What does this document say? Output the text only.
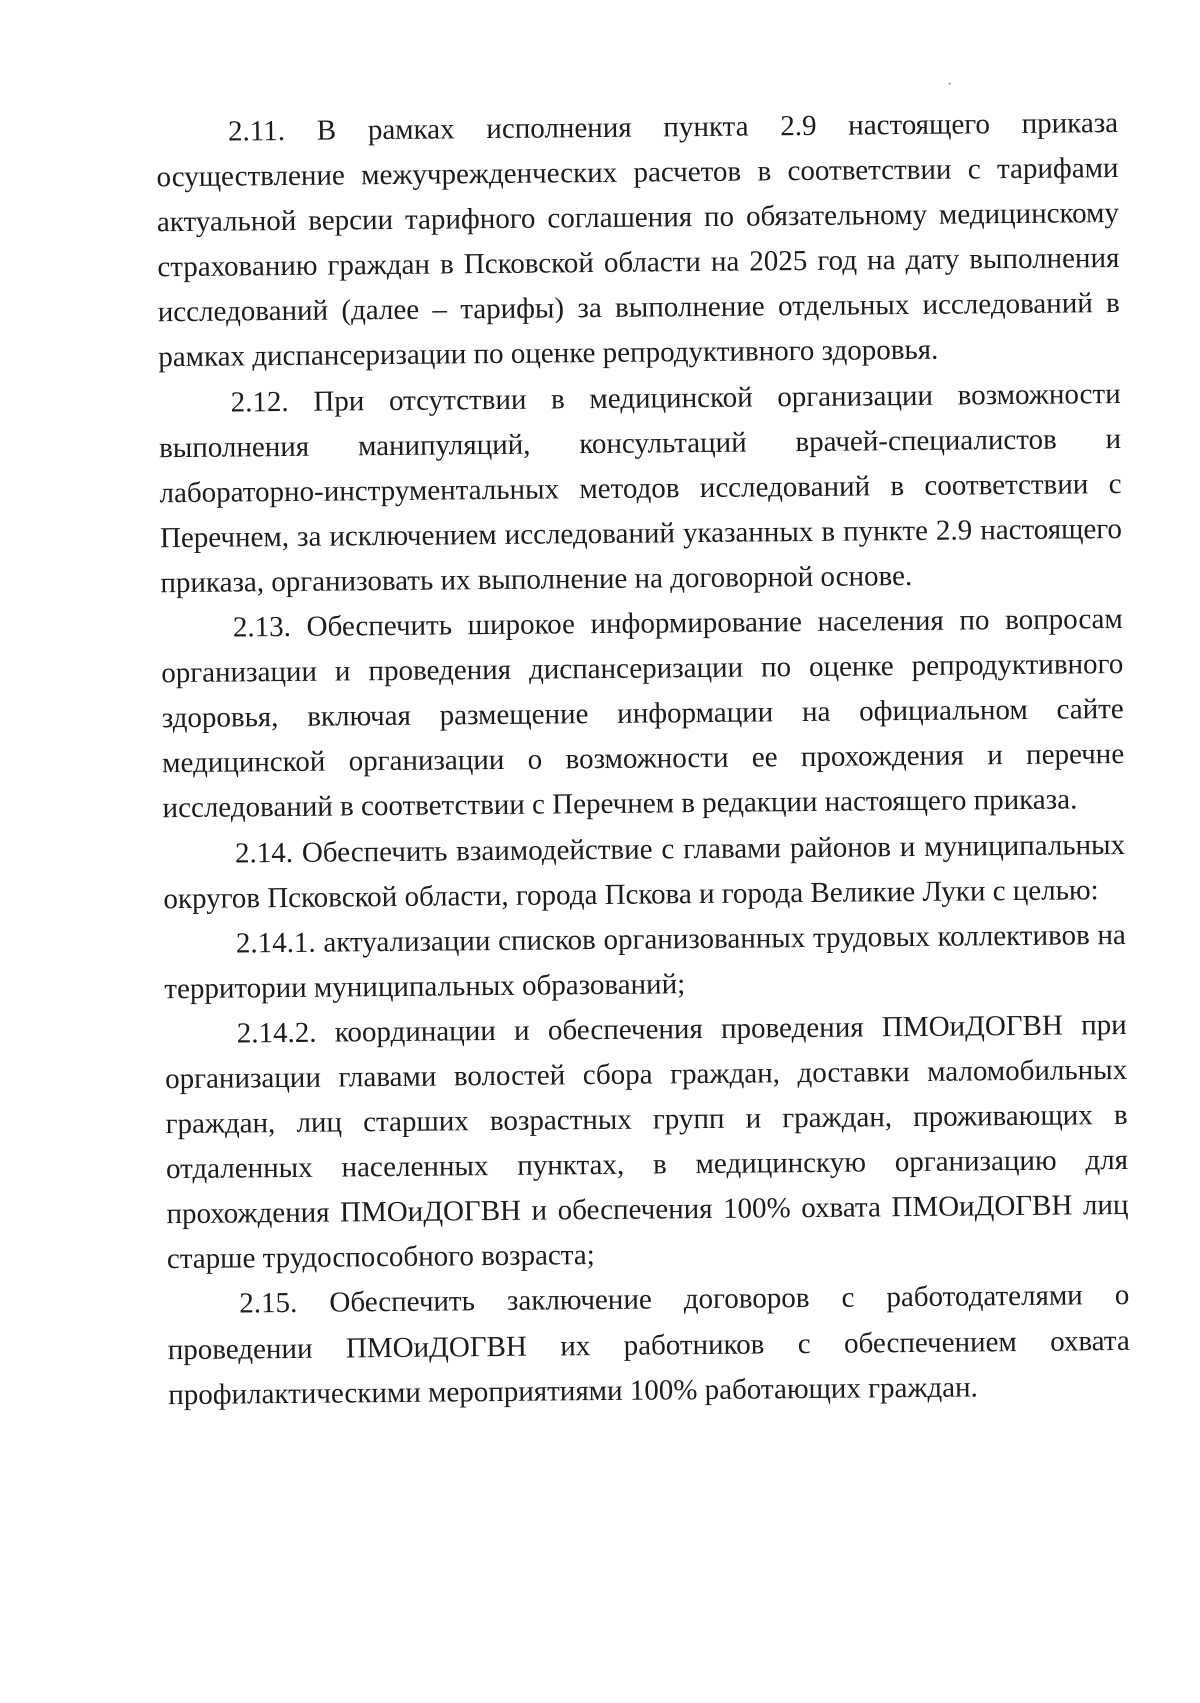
2.11. В рамках исполнения пункта 2.9 настоящего приказа осуществление межучрежденческих расчетов в соответствии с тарифами актуальной версии тарифного соглашения по обязательному медицинскому страхованию граждан в Псковской области на 2025 год на дату выполнения исследований (далее – тарифы) за выполнение отдельных исследований в рамках диспансеризации по оценке репродуктивного здоровья.

2.12. При отсутствии в медицинской организации возможности выполнения манипуляций, консультаций врачей-специалистов и лабораторно-инструментальных методов исследований в соответствии с Перечнем, за исключением исследований указанных в пункте 2.9 настоящего приказа, организовать их выполнение на договорной основе.

2.13. Обеспечить широкое информирование населения по вопросам организации и проведения диспансеризации по оценке репродуктивного здоровья, включая размещение информации на официальном сайте медицинской организации о возможности ее прохождения и перечне исследований в соответствии с Перечнем в редакции настоящего приказа.

2.14. Обеспечить взаимодействие с главами районов и муниципальных округов Псковской области, города Пскова и города Великие Луки с целью:

2.14.1. актуализации списков организованных трудовых коллективов на территории муниципальных образований;

2.14.2. координации и обеспечения проведения ПМОиДОГВН при организации главами волостей сбора граждан, доставки маломобильных граждан, лиц старших возрастных групп и граждан, проживающих в отдаленных населенных пунктах, в медицинскую организацию для прохождения ПМОиДОГВН и обеспечения 100% охвата ПМОиДОГВН лиц старше трудоспособного возраста;

2.15. Обеспечить заключение договоров с работодателями о проведении ПМОиДОГВН их работников с обеспечением охвата профилактическими мероприятиями 100% работающих граждан.
